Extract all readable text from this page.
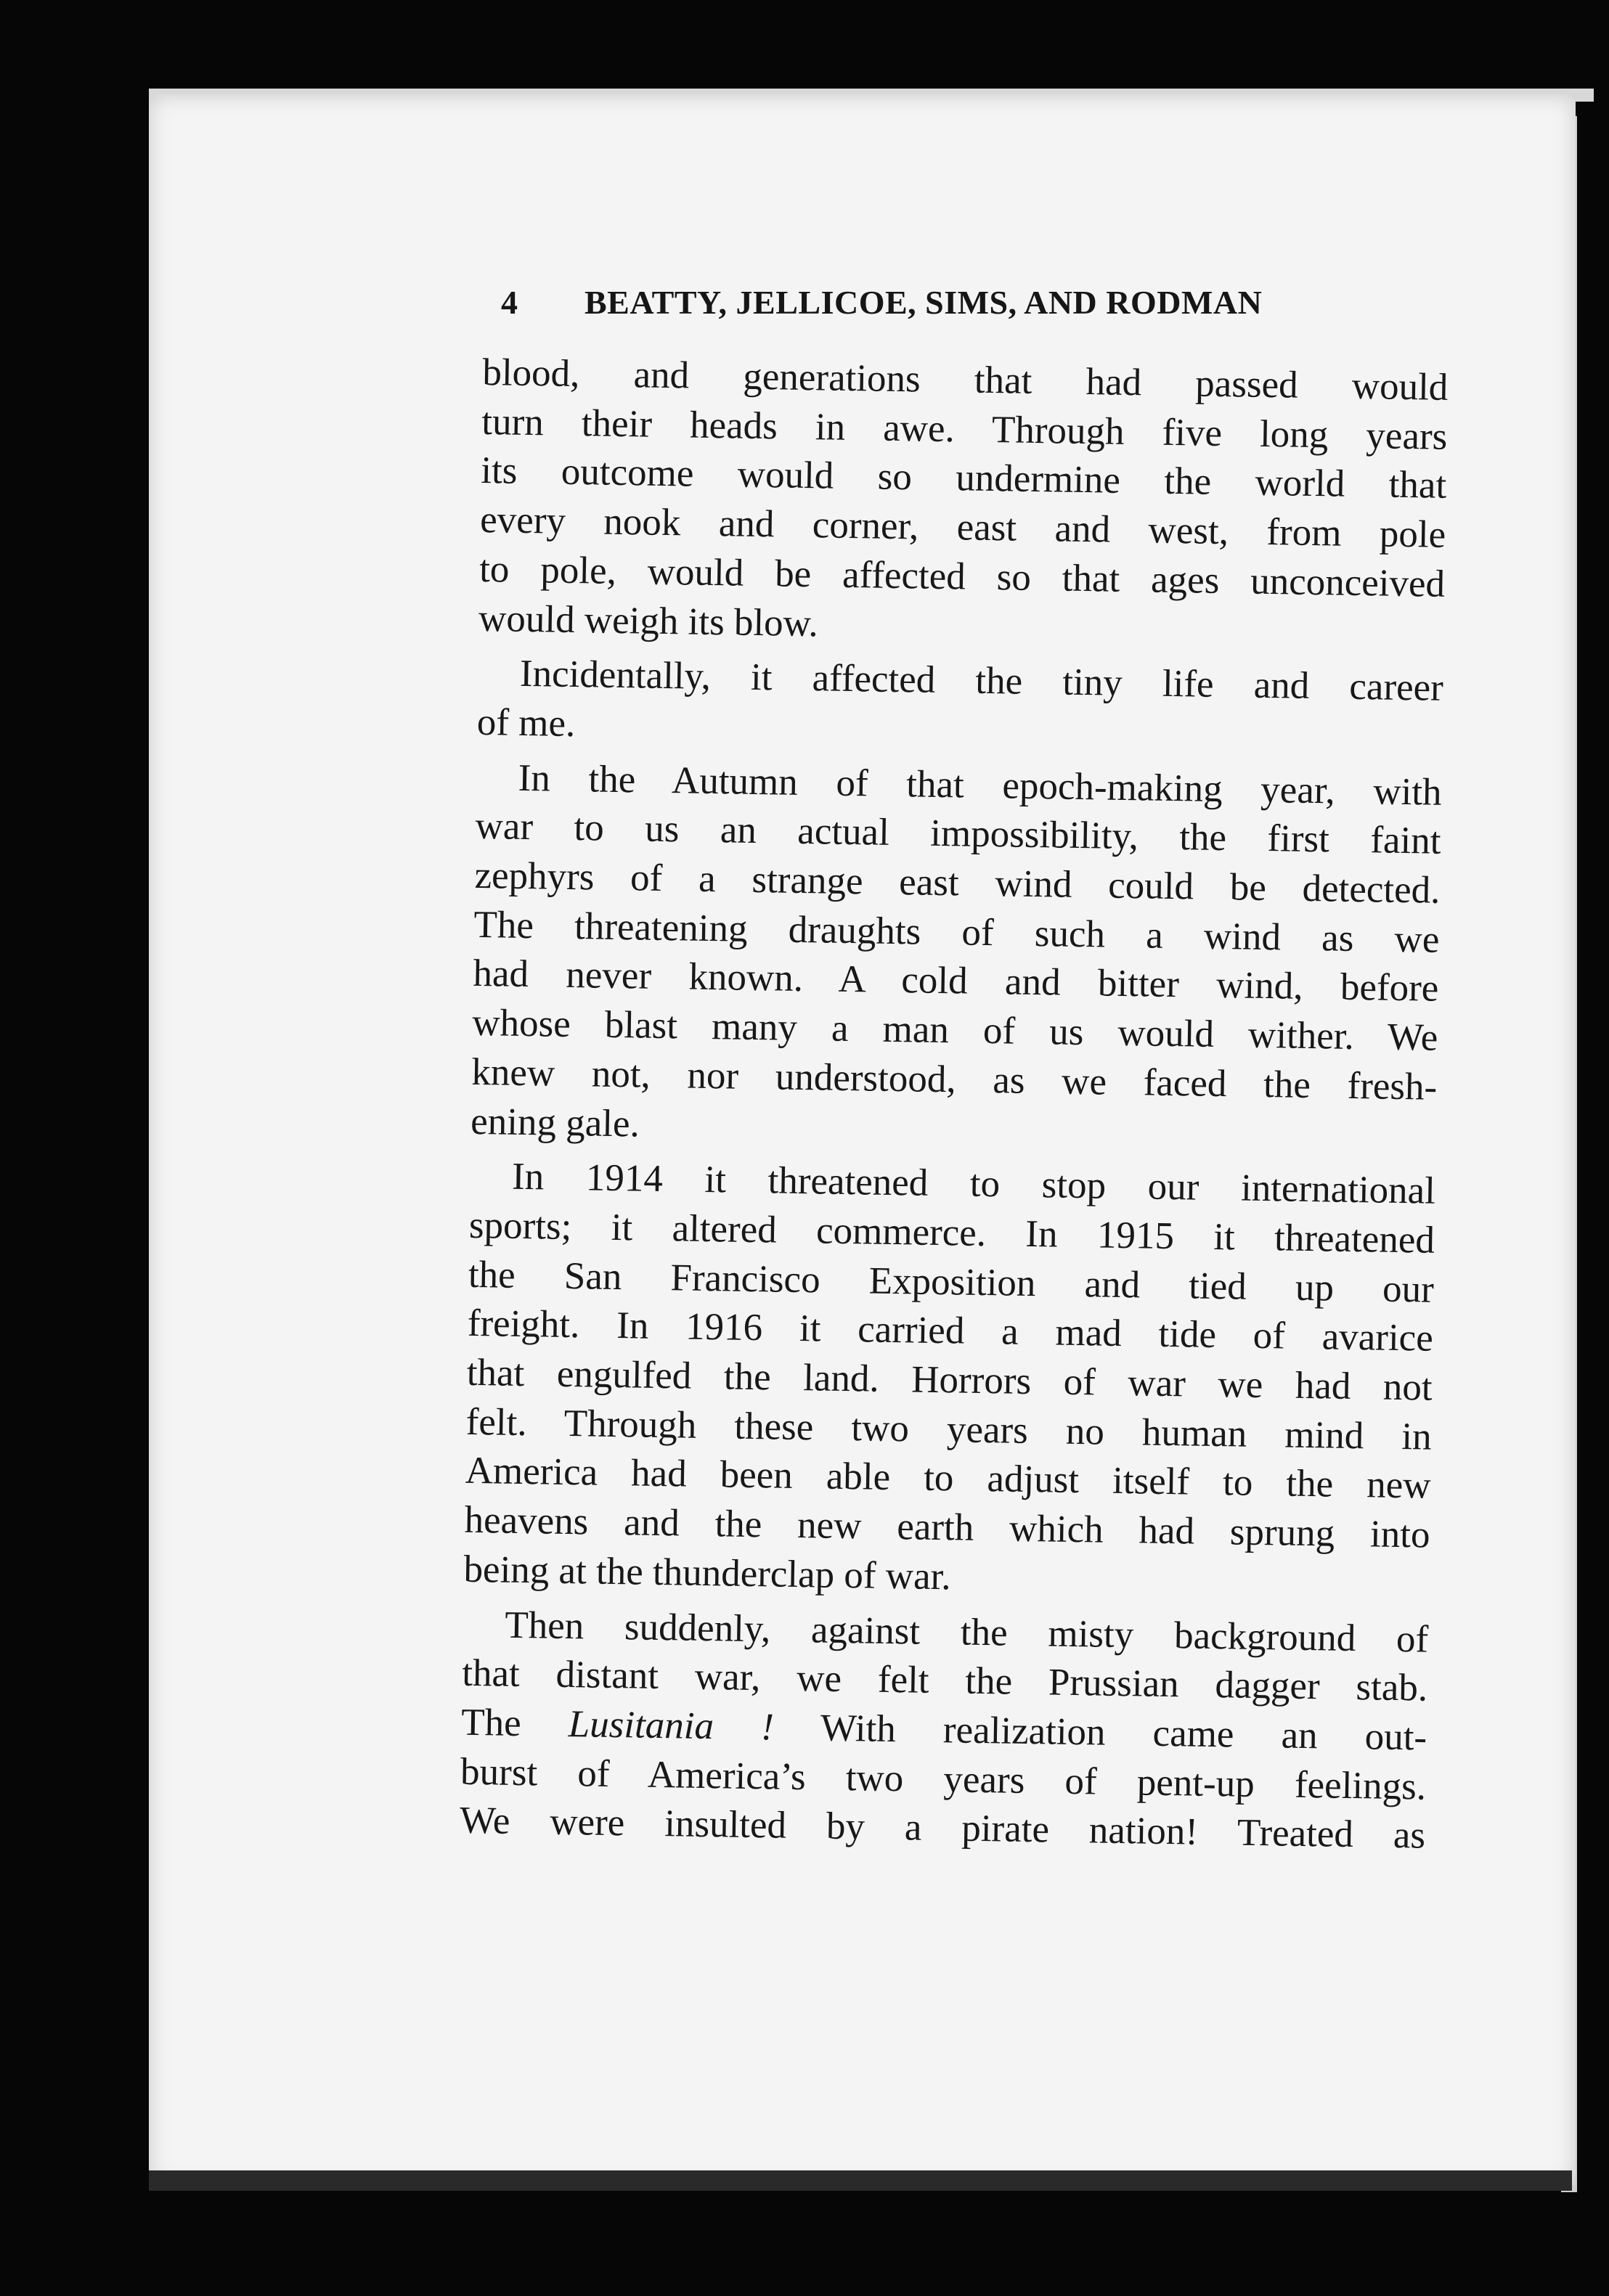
4 BEATTY, JELLICOE, SIMS, AND RODMAN
blood, and generations that had passed would
turn their heads in awe. Through five long years
its outcome would so undermine the world that
every nook and corner, east and west, from pole
to pole, would be affected so that ages unconceived
would weigh its blow.
Incidentally, it affected the tiny life and career
of me.
In the Autumn of that epoch-making year, with
war to us an actual impossibility, the first faint
zephyrs of a strange east wind could be detected.
The threatening draughts of such a wind as we
had never known. A cold and bitter wind, before
whose blast many a man of us would wither. We
knew not, nor understood, as we faced the fresh-
ening gale.
In 1914 it threatened to stop our international
sports; it altered commerce. In 1915 it threatened
the San Francisco Exposition and tied up our
freight. In 1916 it carried a mad tide of avarice
that engulfed the land. Horrors of war we had not
felt. Through these two years no human mind in
America had been able to adjust itself to the new
heavens and the new earth which had sprung into
being at the thunderclap of war.
Then suddenly, against the misty background of
that distant war, we felt the Prussian dagger stab.
The Lusitania ! With realization came an out-
burst of America’s two years of pent-up feelings.
We were insulted by a pirate nation! Treated as
